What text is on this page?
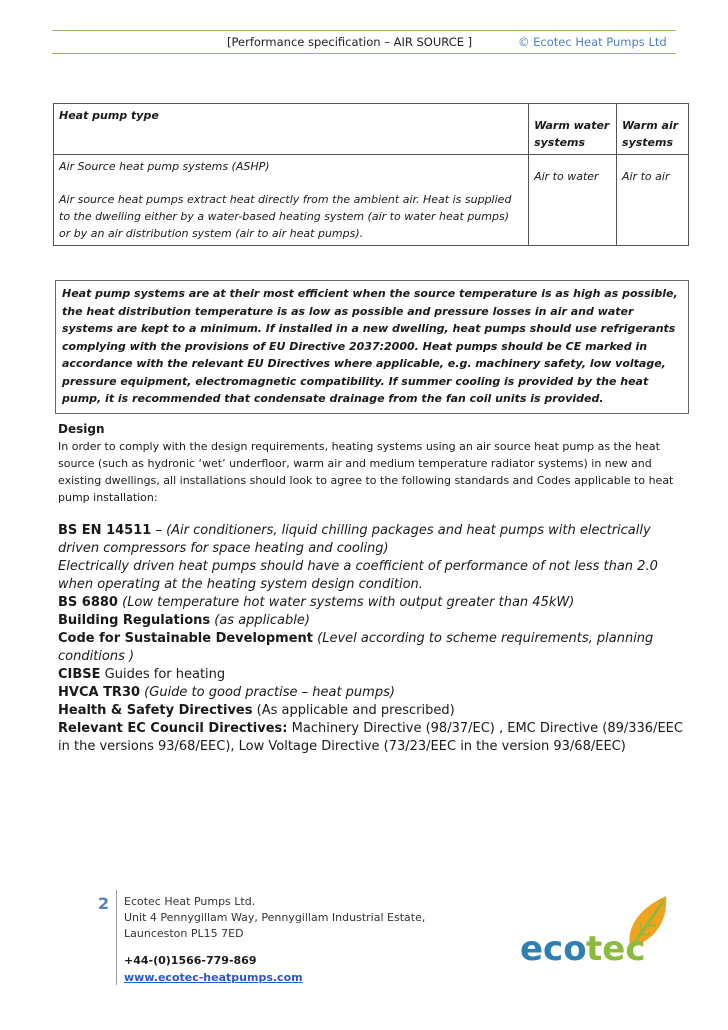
[Performance specification – AIR SOURCE ]	© Ecotec Heat Pumps Ltd
Heat pump type	Warm water systems	Warm air systems

Air Source heat pump systems (ASHP)
Air source heat pumps extract heat directly from the ambient air. Heat is supplied to the dwelling either by a water-based heating system (air to water heat pumps) or by an air distribution system (air to air heat pumps).	Air to water	Air to air
Heat pump systems are at their most efficient when the source temperature is as high as possible, the heat distribution temperature is as low as possible and pressure losses in air and water systems are kept to a minimum. If installed in a new dwelling, heat pumps should use refrigerants complying with the provisions of EU Directive 2037:2000. Heat pumps should be CE marked in accordance with the relevant EU Directives where applicable, e.g. machinery safety, low voltage, pressure equipment, electromagnetic compatibility. If summer cooling is provided by the heat pump, it is recommended that condensate drainage from the fan coil units is provided.
Design
In order to comply with the design requirements, heating systems using an air source heat pump as the heat source (such as hydronic ‘wet’ underfloor, warm air and medium temperature radiator systems) in new and existing dwellings, all installations should look to agree to the following standards and Codes applicable to heat pump installation:
BS EN 14511 – (Air conditioners, liquid chilling packages and heat pumps with electrically driven compressors for space heating and cooling)
Electrically driven heat pumps should have a coefficient of performance of not less than 2.0 when operating at the heating system design condition.
BS 6880 (Low temperature hot water systems with output greater than 45kW)
Building Regulations (as applicable)
Code for Sustainable Development (Level according to scheme requirements, planning conditions )
CIBSE Guides for heating
HVCA TR30 (Guide to good practise – heat pumps)
Health & Safety Directives (As applicable and prescribed)
Relevant EC Council Directives: Machinery Directive (98/37/EC) , EMC Directive (89/336/EEC in the versions 93/68/EEC), Low Voltage Directive (73/23/EEC in the version 93/68/EEC)
2 Ecotec Heat Pumps Ltd.
Unit 4 Pennygillam Way, Pennygillam Industrial Estate,
Launceston PL15 7ED
+44-(0)1566-779-869
www.ecotec-heatpumps.com
eco tec
